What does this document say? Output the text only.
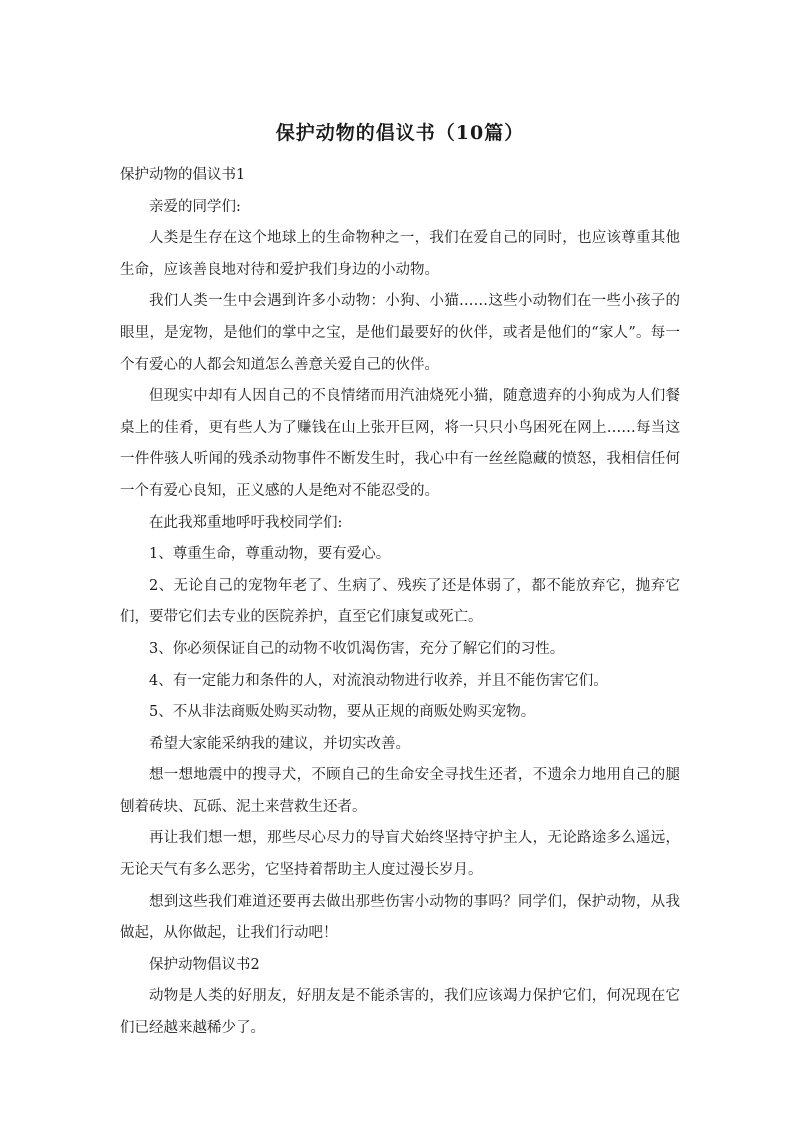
保护动物的倡议书（10篇）

保护动物的倡议书1

亲爱的同学们:

人类是生存在这个地球上的生命物种之一，我们在爱自己的同时，也应该尊重其他生命，应该善良地对待和爱护我们身边的小动物。

我们人类一生中会遇到许多小动物：小狗、小猫……这些小动物们在一些小孩子的眼里，是宠物，是他们的掌中之宝，是他们最要好的伙伴，或者是他们的“家人”。每一个有爱心的人都会知道怎么善意关爱自己的伙伴。

但现实中却有人因自己的不良情绪而用汽油烧死小猫，随意遗弃的小狗成为人们餐桌上的佳肴，更有些人为了赚钱在山上张开巨网，将一只只小鸟困死在网上……每当这一件件骇人听闻的残杀动物事件不断发生时，我心中有一丝丝隐藏的愤怒，我相信任何一个有爱心良知，正义感的人是绝对不能忍受的。

在此我郑重地呼吁我校同学们:

1、尊重生命，尊重动物，要有爱心。

2、无论自己的宠物年老了、生病了、残疾了还是体弱了，都不能放弃它，抛弃它们，要带它们去专业的医院养护，直至它们康复或死亡。

3、你必须保证自己的动物不收饥渴伤害，充分了解它们的习性。

4、有一定能力和条件的人，对流浪动物进行收养，并且不能伤害它们。

5、不从非法商贩处购买动物，要从正规的商贩处购买宠物。

希望大家能采纳我的建议，并切实改善。

想一想地震中的搜寻犬，不顾自己的生命安全寻找生还者，不遗余力地用自己的腿刨着砖块、瓦砾、泥土来营救生还者。

再让我们想一想，那些尽心尽力的导盲犬始终坚持守护主人，无论路途多么遥远，无论天气有多么恶劣，它坚持着帮助主人度过漫长岁月。

想到这些我们难道还要再去做出那些伤害小动物的事吗？同学们，保护动物，从我做起，从你做起，让我们行动吧！

保护动物倡议书2

动物是人类的好朋友，好朋友是不能杀害的，我们应该竭力保护它们，何况现在它们已经越来越稀少了。
